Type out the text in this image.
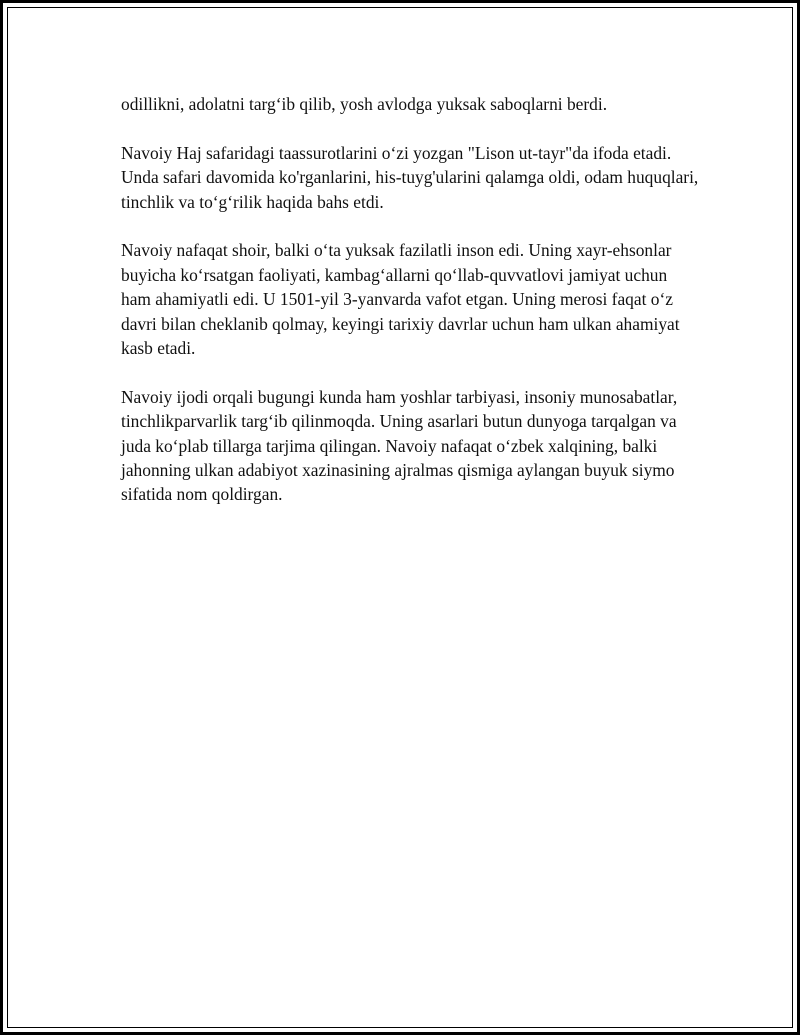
odillikni, adolatni targ‘ib qilib, yosh avlodga yuksak saboqlarni berdi.

Navoiy Haj safaridagi taassurotlarini o‘zi yozgan "Lison ut-tayr"da ifoda etadi. Unda safari davomida ko'rganlarini, his-tuyg'ularini qalamga oldi, odam huquqlari, tinchlik va to‘g‘rilik haqida bahs etdi.

Navoiy nafaqat shoir, balki o‘ta yuksak fazilatli inson edi. Uning xayr-ehsonlar buyicha ko‘rsatgan faoliyati, kambag‘allarni qo‘llab-quvvatlovi jamiyat uchun ham ahamiyatli edi. U 1501-yil 3-yanvarda vafot etgan. Uning merosi faqat o‘z davri bilan cheklanib qolmay, keyingi tarixiy davrlar uchun ham ulkan ahamiyat kasb etadi.

Navoiy ijodi orqali bugungi kunda ham yoshlar tarbiyasi, insoniy munosabatlar, tinchlikparvarlik targ‘ib qilinmoqda. Uning asarlari butun dunyoga tarqalgan va juda ko‘plab tillarga tarjima qilingan. Navoiy nafaqat o‘zbek xalqining, balki jahonning ulkan adabiyot xazinasining ajralmas qismiga aylangan buyuk siymo sifatida nom qoldirgan.
